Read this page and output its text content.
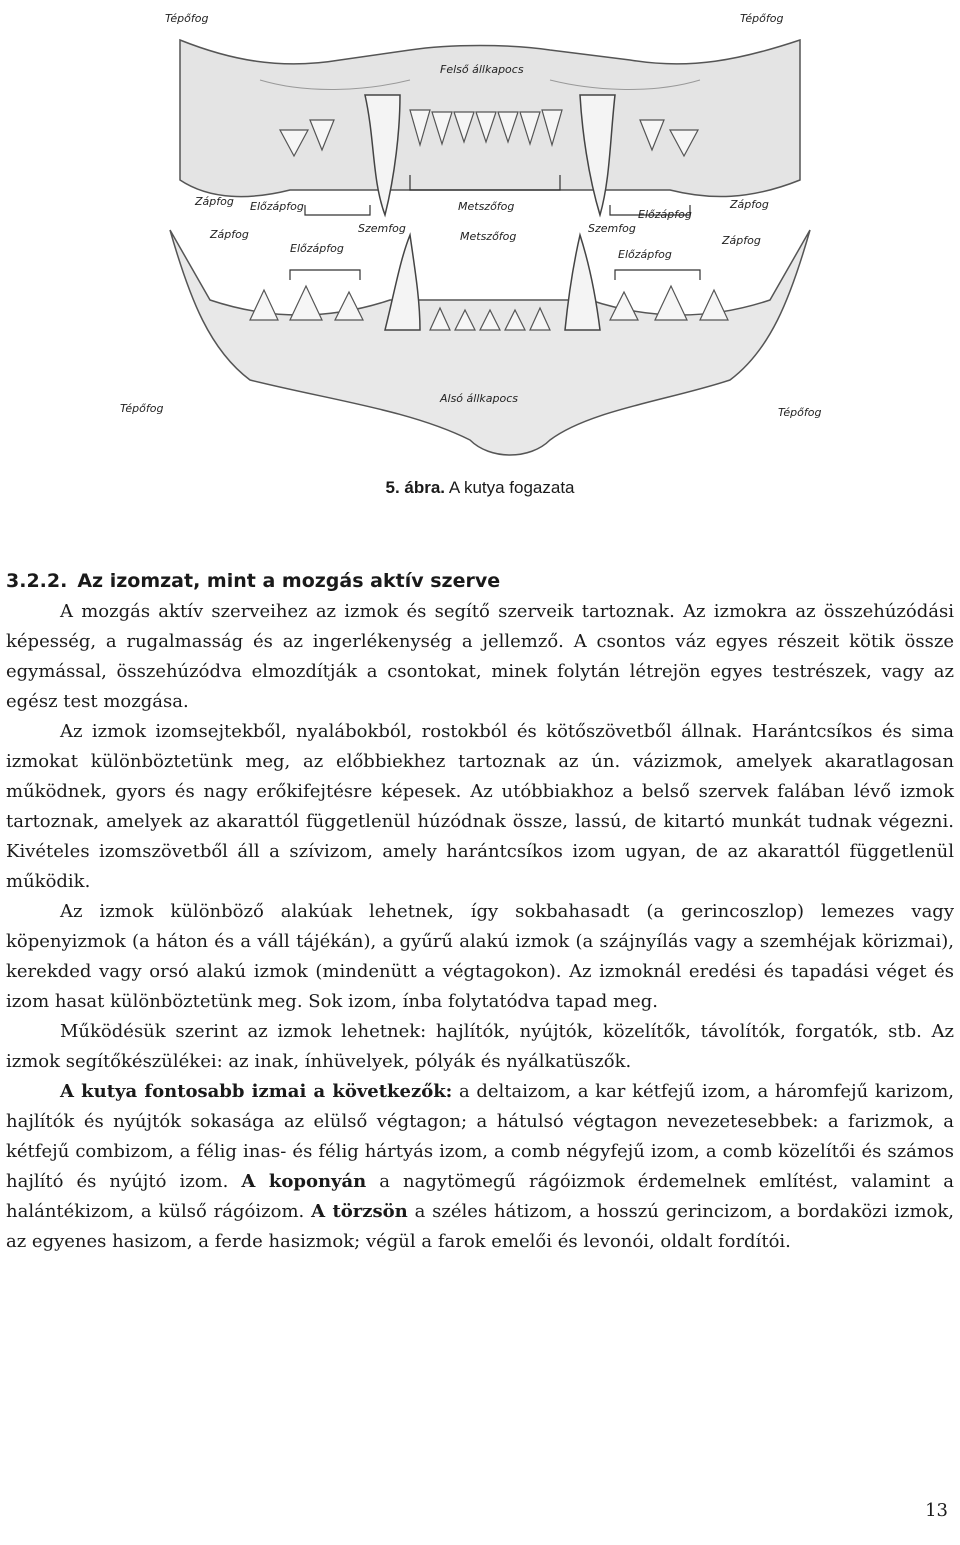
Tépőfog	Tépőfog
Felső állkapocs
Zápfog Előzápfog	Metszőfog
Előzápfog
Zápfog
Zápfog	Szemfog
Metszőfog
Szemfog
Zápfog
Előzápfog	Előzápfog
Tépőfog
Alsó állkapocs
Tépőfog
5. ábra. A kutya fogazata
3.2.2. Az izomzat, mint a mozgás aktív szerve

A mozgás aktív szerveihez az izmok és segítő szerveik tartoznak. Az izmokra az összehúzódási képesség, a rugalmasság és az ingerlékenység a jellemző. A csontos váz egyes részeit kötik össze egymással, összehúzódva elmozdítják a csontokat, minek folytán létrejön egyes testrészek, vagy az egész test mozgása.

Az izmok izomsejtekből, nyalábokból, rostokból és kötőszövetből állnak. Harántcsíkos és sima izmokat különböztetünk meg, az előbbiekhez tartoznak az ún. vázizmok, amelyek akaratlagosan működnek, gyors és nagy erőkifejtésre képesek. Az utóbbiakhoz a belső szervek falában lévő izmok tartoznak, amelyek az akarattól függetlenül húzódnak össze, lassú, de kitartó munkát tudnak végezni. Kivételes izomszövetből áll a szívizom, amely harántcsíkos izom ugyan, de az akarattól függetlenül működik.

Az izmok különböző alakúak lehetnek, így sokbahasadt (a gerincoszlop) lemezes vagy köpenyizmok (a háton és a váll tájékán), a gyűrű alakú izmok (a szájnyílás vagy a szemhéjak körizmai), kerekded vagy orsó alakú izmok (mindenütt a végtagokon). Az izmoknál eredési és tapadási véget és izom hasat különböztetünk meg. Sok izom, ínba folytatódva tapad meg.

Működésük szerint az izmok lehetnek: hajlítók, nyújtók, közelítők, távolítók, forgatók, stb. Az izmok segítőkészülékei: az inak, ínhüvelyek, pólyák és nyálkatüszők.

A kutya fontosabb izmai a következők: a deltaizom, a kar kétfejű izom, a háromfejű karizom, hajlítók és nyújtók sokasága az elülső végtagon; a hátulsó végtagon nevezetesebbek: a farizmok, a kétfejű combizom, a félig inas- és félig hártyás izom, a comb négyfejű izom, a comb közelítői és számos hajlító és nyújtó izom. A koponyán a nagytömegű rágóizmok érdemelnek említést, valamint a halántékizom, a külső rágóizom. A törzsön a széles hátizom, a hosszú gerincizom, a bordaközi izmok, az egyenes hasizom, a ferde hasizmok; végül a farok emelői és levonói, oldalt fordítói.

13
